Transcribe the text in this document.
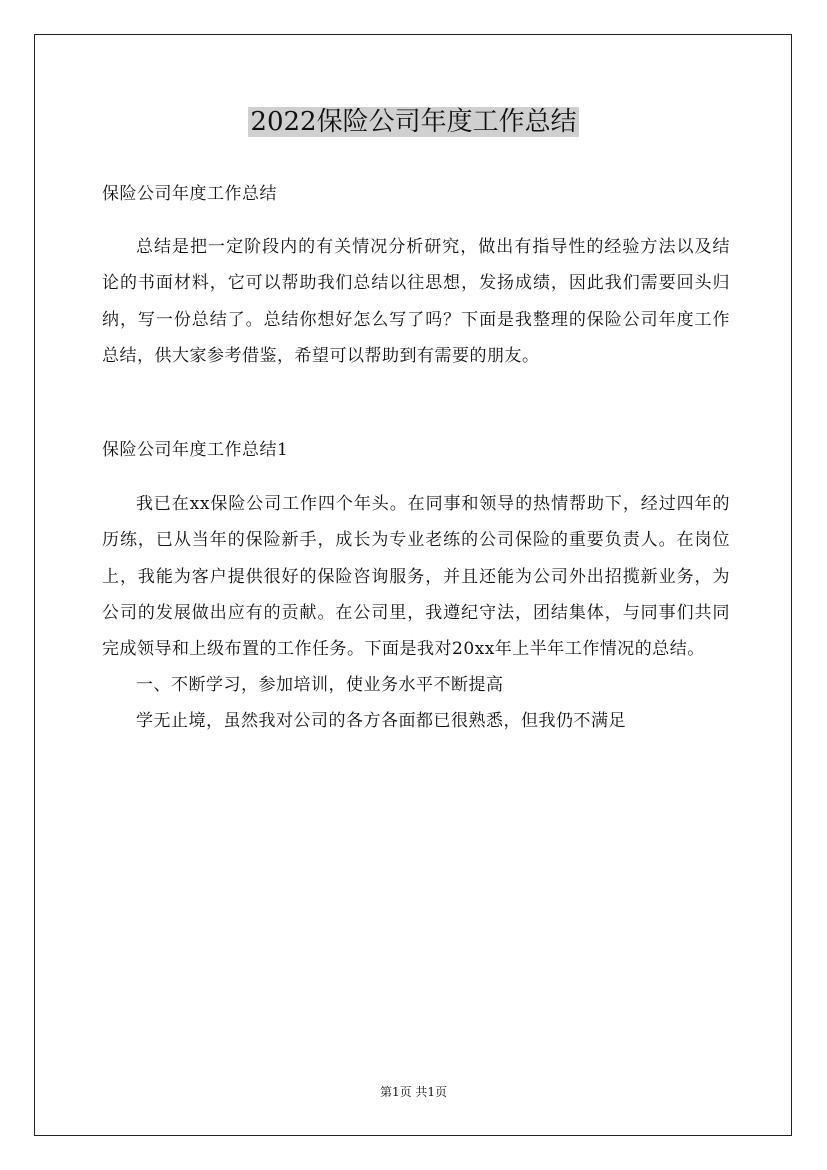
2022保险公司年度工作总结

保险公司年度工作总结

总结是把一定阶段内的有关情况分析研究，做出有指导性的经验方法以及结论的书面材料，它可以帮助我们总结以往思想，发扬成绩，因此我们需要回头归纳，写一份总结了。总结你想好怎么写了吗？下面是我整理的保险公司年度工作总结，供大家参考借鉴，希望可以帮助到有需要的朋友。

保险公司年度工作总结1

我已在xx保险公司工作四个年头。在同事和领导的热情帮助下，经过四年的历练，已从当年的保险新手，成长为专业老练的公司保险的重要负责人。在岗位上，我能为客户提供很好的保险咨询服务，并且还能为公司外出招揽新业务，为公司的发展做出应有的贡献。在公司里，我遵纪守法，团结集体，与同事们共同完成领导和上级布置的工作任务。下面是我对20xx年上半年工作情况的总结。

一、不断学习，参加培训，使业务水平不断提高

学无止境，虽然我对公司的各方各面都已很熟悉，但我仍不满足

第1页 共1页
